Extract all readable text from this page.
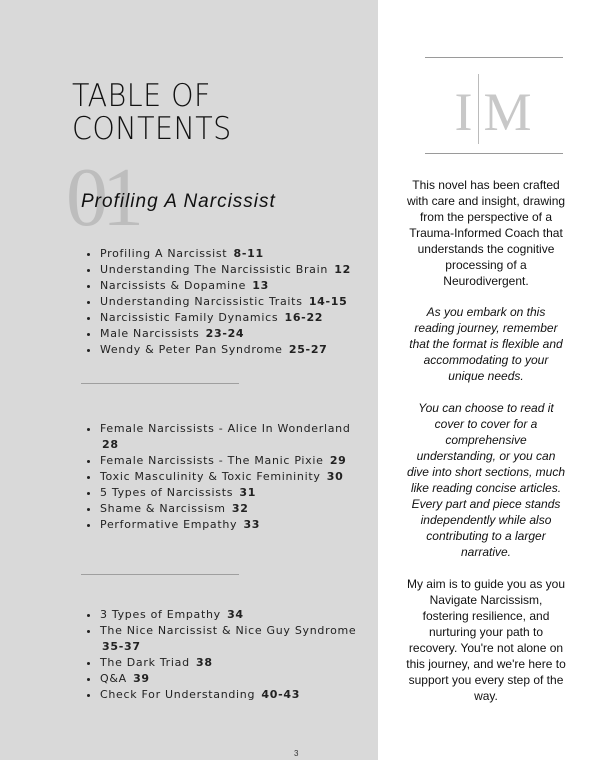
TABLE OF
CONTENTS
01
Profiling A Narcissist
• Profiling A Narcissist 8-11
• Understanding The Narcissistic Brain 12
• Narcissists & Dopamine 13
• Understanding Narcissistic Traits 14-15
• Narcissistic Family Dynamics 16-22
• Male Narcissists 23-24
• Wendy & Peter Pan Syndrome 25-27
• Female Narcissists - Alice In Wonderland 28
• Female Narcissists - The Manic Pixie 29
• Toxic Masculinity & Toxic Femininity 30
• 5 Types of Narcissists 31
• Shame & Narcissism 32
• Performative Empathy 33
• 3 Types of Empathy 34
• The Nice Narcissist & Nice Guy Syndrome 35-37
• The Dark Triad 38
• Q&A 39
• Check For Understanding 40-43
I M

This novel has been crafted with care and insight, drawing from the perspective of a Trauma-Informed Coach that understands the cognitive processing of a Neurodivergent.

As you embark on this reading journey, remember that the format is flexible and accommodating to your unique needs.

You can choose to read it cover to cover for a comprehensive understanding, or you can dive into short sections, much like reading concise articles. Every part and piece stands independently while also contributing to a larger narrative.

My aim is to guide you as you Navigate Narcissism, fostering resilience, and nurturing your path to recovery. You're not alone on this journey, and we're here to support you every step of the way.

3
